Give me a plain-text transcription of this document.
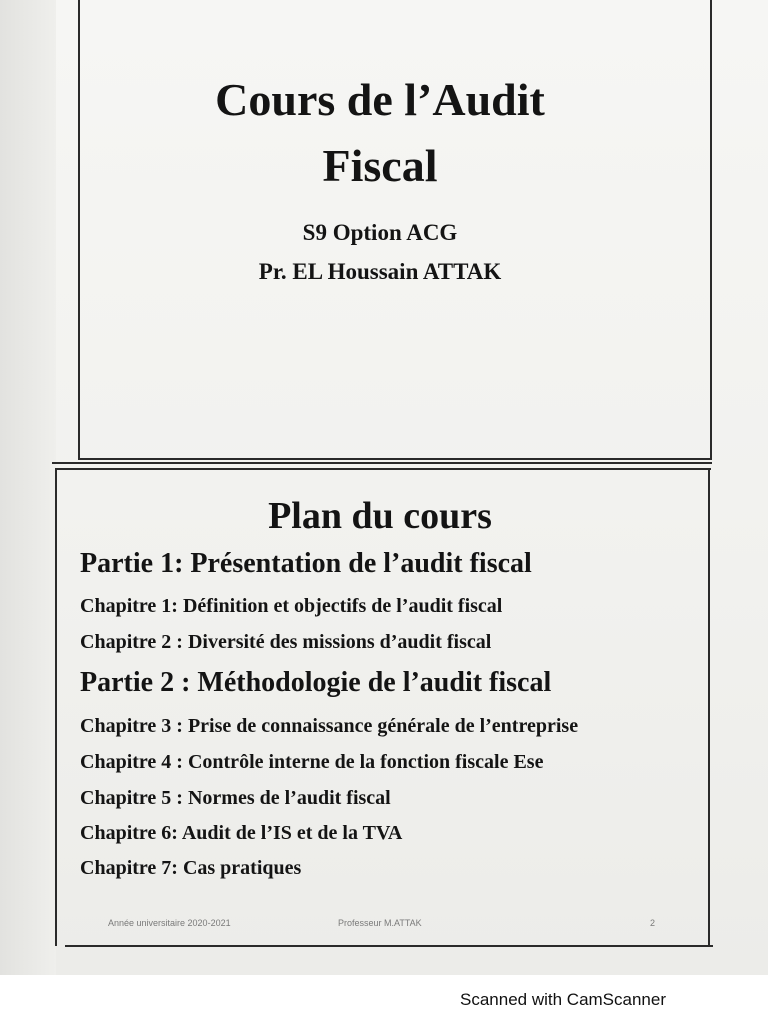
Cours de l’Audit
Fiscal
S9 Option ACG
Pr. EL Houssain ATTAK
Plan du cours
Partie 1: Présentation de l’audit fiscal
Chapitre 1: Définition et objectifs de l’audit fiscal
Chapitre 2 : Diversité des missions d’audit fiscal
Partie 2 : Méthodologie de l’audit fiscal
Chapitre 3 : Prise de connaissance générale de l’entreprise
Chapitre 4 : Contrôle interne de la fonction fiscale Ese
Chapitre 5 : Normes de l’audit fiscal
Chapitre 6: Audit de l’IS et de la TVA
Chapitre 7: Cas pratiques
Année universitaire 2020-2021	Professeur M.ATTAK	2
Scanned with CamScanner
